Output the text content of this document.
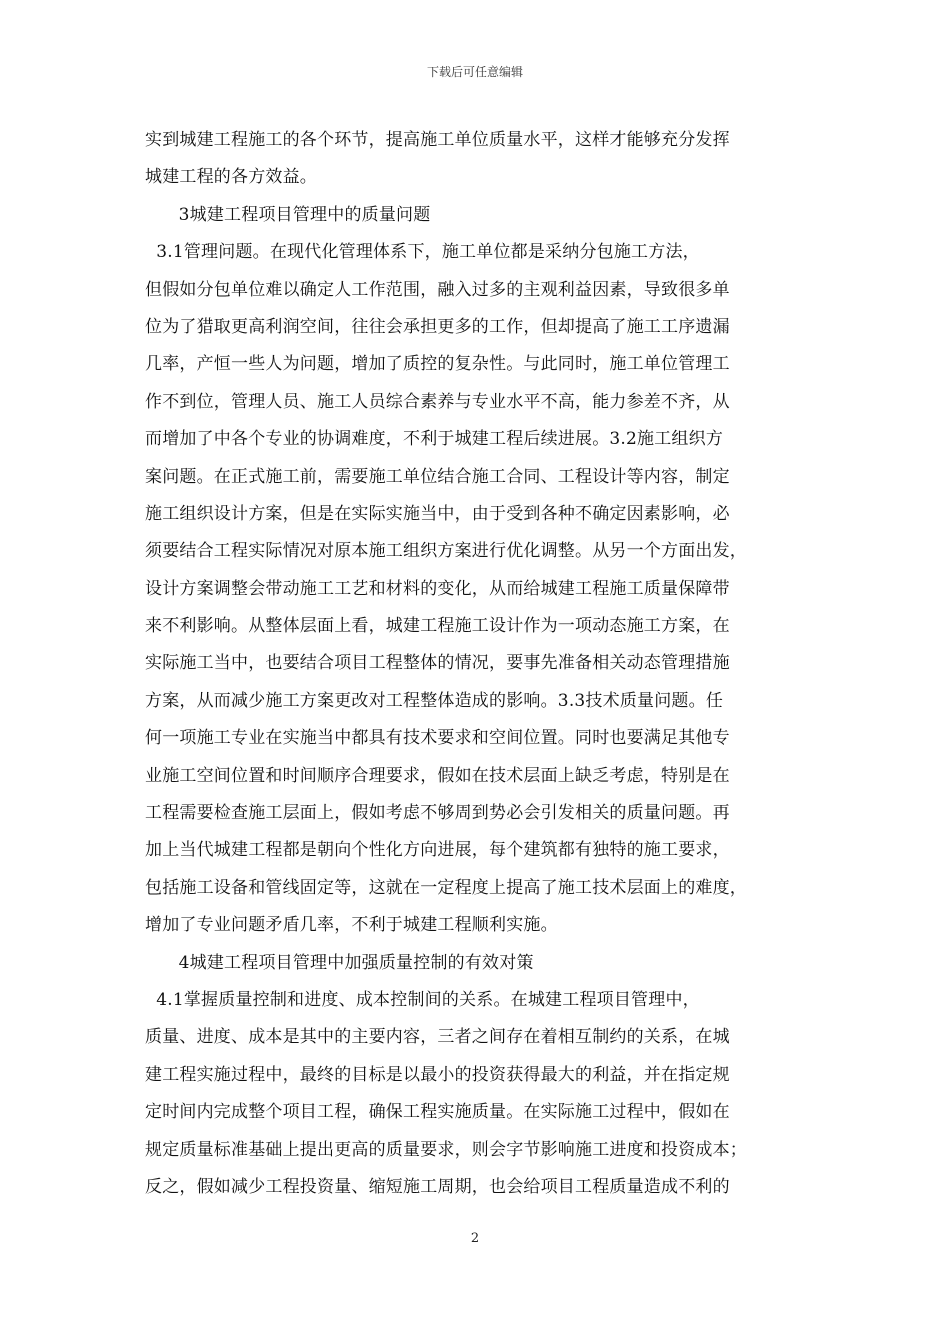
下载后可任意编辑
实到城建工程施工的各个环节，提高施工单位质量水平，这样才能够充分发挥
城建工程的各方效益。
3城建工程项目管理中的质量问题
3.1管理问题。在现代化管理体系下，施工单位都是采纳分包施工方法，
但假如分包单位难以确定人工作范围，融入过多的主观利益因素，导致很多单
位为了猎取更高利润空间，往往会承担更多的工作，但却提高了施工工序遗漏
几率，产恒一些人为问题，增加了质控的复杂性。与此同时，施工单位管理工
作不到位，管理人员、施工人员综合素养与专业水平不高，能力参差不齐，从
而增加了中各个专业的协调难度，不利于城建工程后续进展。3.2施工组织方
案问题。在正式施工前，需要施工单位结合施工合同、工程设计等内容，制定
施工组织设计方案，但是在实际实施当中，由于受到各种不确定因素影响，必
须要结合工程实际情况对原本施工组织方案进行优化调整。从另一个方面出发，
设计方案调整会带动施工工艺和材料的变化，从而给城建工程施工质量保障带
来不利影响。从整体层面上看，城建工程施工设计作为一项动态施工方案，在
实际施工当中，也要结合项目工程整体的情况，要事先准备相关动态管理措施
方案，从而减少施工方案更改对工程整体造成的影响。3.3技术质量问题。任
何一项施工专业在实施当中都具有技术要求和空间位置。同时也要满足其他专
业施工空间位置和时间顺序合理要求，假如在技术层面上缺乏考虑，特别是在
工程需要检查施工层面上，假如考虑不够周到势必会引发相关的质量问题。再
加上当代城建工程都是朝向个性化方向进展，每个建筑都有独特的施工要求，
包括施工设备和管线固定等，这就在一定程度上提高了施工技术层面上的难度，
增加了专业问题矛盾几率，不利于城建工程顺利实施。
4城建工程项目管理中加强质量控制的有效对策
4.1掌握质量控制和进度、成本控制间的关系。在城建工程项目管理中，
质量、进度、成本是其中的主要内容，三者之间存在着相互制约的关系，在城
建工程实施过程中，最终的目标是以最小的投资获得最大的利益，并在指定规
定时间内完成整个项目工程，确保工程实施质量。在实际施工过程中，假如在
规定质量标准基础上提出更高的质量要求，则会字节影响施工进度和投资成本；
反之，假如减少工程投资量、缩短施工周期，也会给项目工程质量造成不利的
2
